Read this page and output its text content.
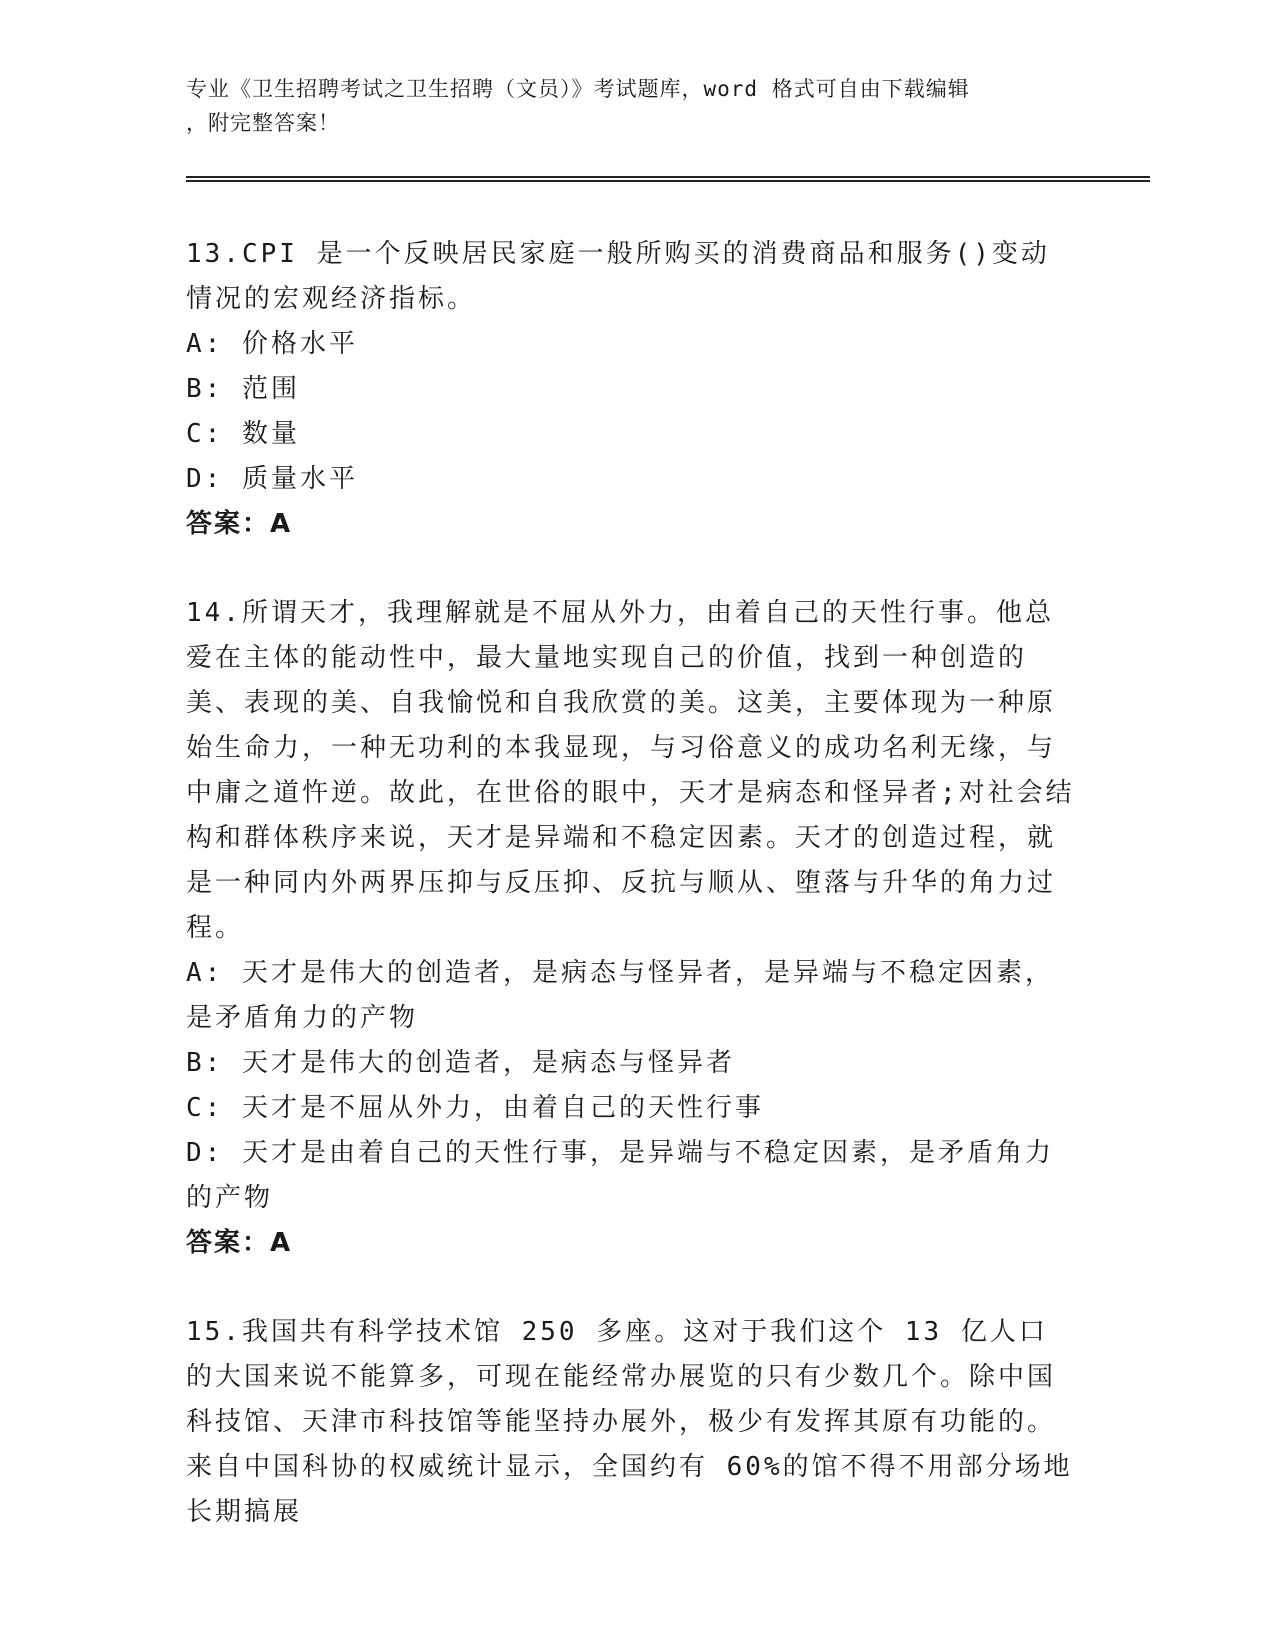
专业《卫生招聘考试之卫生招聘（文员）》考试题库，word 格式可自由下载编辑

，附完整答案！

13.CPI 是一个反映居民家庭一般所购买的消费商品和服务()变动情况的宏观经济指标。

A: 价格水平

B: 范围

C: 数量

D: 质量水平

答案：A

14.所谓天才，我理解就是不屈从外力，由着自己的天性行事。他总爱在主体的能动性中，最大量地实现自己的价值，找到一种创造的美、表现的美、自我愉悦和自我欣赏的美。这美，主要体现为一种原始生命力，一种无功利的本我显现，与习俗意义的成功名利无缘，与中庸之道忤逆。故此，在世俗的眼中，天才是病态和怪异者;对社会结构和群体秩序来说，天才是异端和不稳定因素。天才的创造过程，就是一种同内外两界压抑与反压抑、反抗与顺从、堕落与升华的角力过程。

A: 天才是伟大的创造者，是病态与怪异者，是异端与不稳定因素，是矛盾角力的产物

B: 天才是伟大的创造者，是病态与怪异者

C: 天才是不屈从外力，由着自己的天性行事

D: 天才是由着自己的天性行事，是异端与不稳定因素，是矛盾角力的产物

答案：A

15.我国共有科学技术馆 250 多座。这对于我们这个 13 亿人口的大国来说不能算多，可现在能经常办展览的只有少数几个。除中国科技馆、天津市科技馆等能坚持办展外，极少有发挥其原有功能的。来自中国科协的权威统计显示，全国约有 60%的馆不得不用部分场地长期搞展
